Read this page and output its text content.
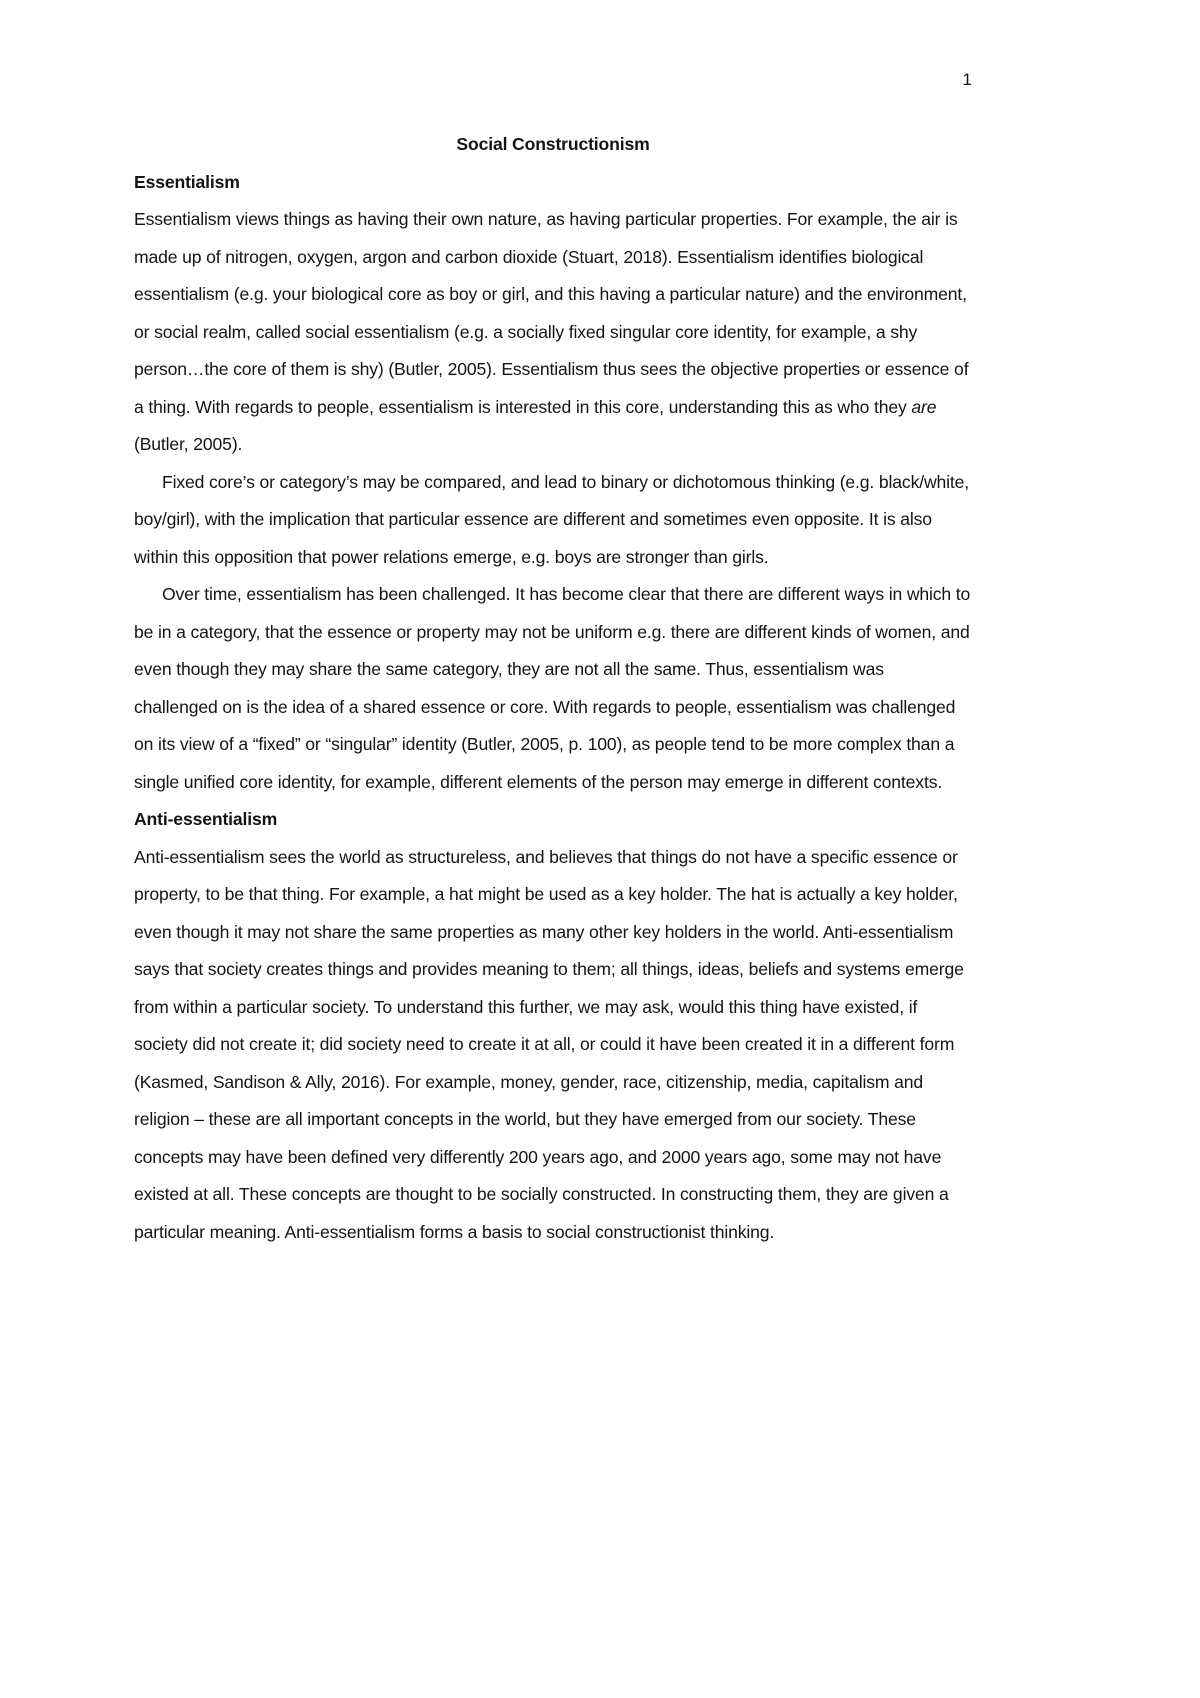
1

Social Constructionism

Essentialism

Essentialism views things as having their own nature, as having particular properties. For example, the air is made up of nitrogen, oxygen, argon and carbon dioxide (Stuart, 2018). Essentialism identifies biological essentialism (e.g. your biological core as boy or girl, and this having a particular nature) and the environment, or social realm, called social essentialism (e.g. a socially fixed singular core identity, for example, a shy person…the core of them is shy) (Butler, 2005). Essentialism thus sees the objective properties or essence of a thing. With regards to people, essentialism is interested in this core, understanding this as who they are (Butler, 2005).

Fixed core’s or category’s may be compared, and lead to binary or dichotomous thinking (e.g. black/white, boy/girl), with the implication that particular essence are different and sometimes even opposite. It is also within this opposition that power relations emerge, e.g. boys are stronger than girls.

Over time, essentialism has been challenged. It has become clear that there are different ways in which to be in a category, that the essence or property may not be uniform e.g. there are different kinds of women, and even though they may share the same category, they are not all the same. Thus, essentialism was challenged on is the idea of a shared essence or core. With regards to people, essentialism was challenged on its view of a “fixed” or “singular” identity (Butler, 2005, p. 100), as people tend to be more complex than a single unified core identity, for example, different elements of the person may emerge in different contexts.

Anti-essentialism

Anti-essentialism sees the world as structureless, and believes that things do not have a specific essence or property, to be that thing. For example, a hat might be used as a key holder. The hat is actually a key holder, even though it may not share the same properties as many other key holders in the world. Anti-essentialism says that society creates things and provides meaning to them; all things, ideas, beliefs and systems emerge from within a particular society. To understand this further, we may ask, would this thing have existed, if society did not create it; did society need to create it at all, or could it have been created it in a different form (Kasmed, Sandison & Ally, 2016). For example, money, gender, race, citizenship, media, capitalism and religion – these are all important concepts in the world, but they have emerged from our society. These concepts may have been defined very differently 200 years ago, and 2000 years ago, some may not have existed at all. These concepts are thought to be socially constructed. In constructing them, they are given a particular meaning. Anti-essentialism forms a basis to social constructionist thinking.
